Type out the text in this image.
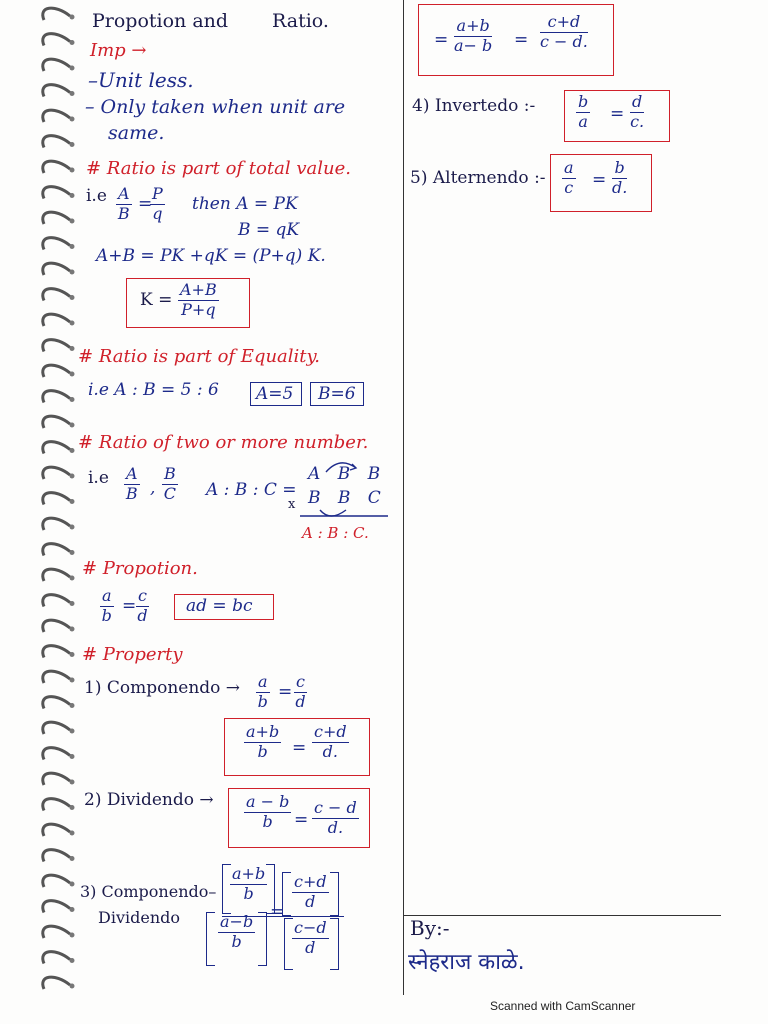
Propotion and Ratio.
Imp →
–Unit less.
– Only taken when unit are
same.
# Ratio is part of total value.
i.e A
B =
P
q then A = PK
B = qK
A+B = PK +qK = (P+q) K.
K =
A+B
P+q
# Ratio is part of Equality.
i.e A : B = 5 : 6 A=5 B=6
# Ratio of two or more number.
i.e A
B ,
B
C A : B : C =
A B B
B B C
x
A : B : C.
# Propotion.
a
b =
c
d ad = bc
# Property
1) Componendo → a
b =
c
d
a+b
b =
c+d
d.
2) Dividendo → a − b
b =
c − d
d.
3) Componendo–
Dividendo
a+b
b
c+d
d
=
a−b
b
c−d
d
=
a+b
a− b =
c+d
c − d.
4) Invertedo :-	b
a =
d
c.
5) Alternendo :-
a
c =
b
d.
By:-
स्नेहराज काळे.
Scanned with CamScanner
